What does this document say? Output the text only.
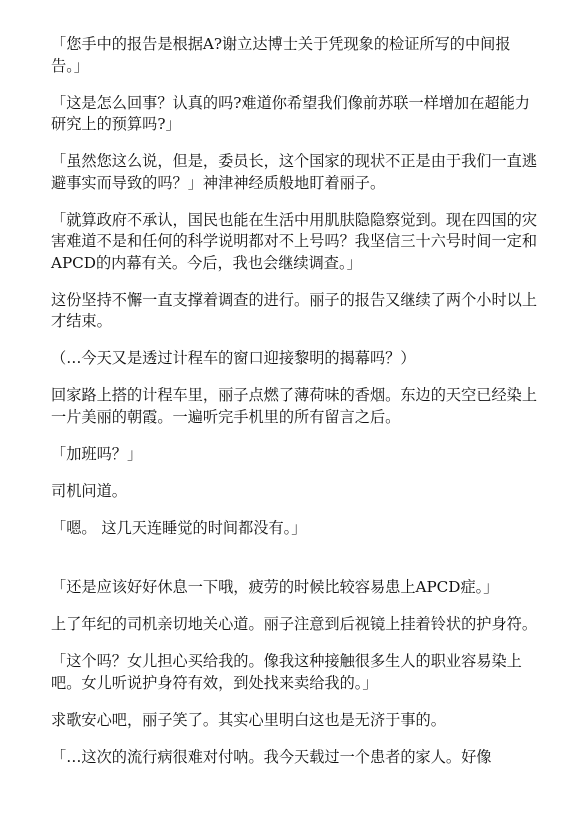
「您手中的报告是根据A?谢立达博士关于凭现象的检证所写的中间报告。」

「这是怎么回事？认真的吗?难道你希望我们像前苏联一样增加在超能力研究上的预算吗?」

「虽然您这么说，但是，委员长，这个国家的现状不正是由于我们一直逃避事实而导致的吗？」神津神经质般地盯着丽子。

「就算政府不承认，国民也能在生活中用肌肤隐隐察觉到。现在四国的灾害难道不是和任何的科学说明都对不上号吗？我坚信三十六号时间一定和APCD的内幕有关。今后，我也会继续调查。」

这份坚持不懈一直支撑着调查的进行。丽子的报告又继续了两个小时以上才结束。

（…今天又是透过计程车的窗口迎接黎明的揭幕吗？）

回家路上搭的计程车里，丽子点燃了薄荷味的香烟。东边的天空已经染上一片美丽的朝霞。一遍听完手机里的所有留言之后。

「加班吗？」

司机问道。

「嗯。 这几天连睡觉的时间都没有。」

「还是应该好好休息一下哦，疲劳的时候比较容易患上APCD症。」

上了年纪的司机亲切地关心道。丽子注意到后视镜上挂着铃状的护身符。

「这个吗？女儿担心买给我的。像我这种接触很多生人的职业容易染上吧。女儿听说护身符有效，到处找来卖给我的。」

求歌安心吧，丽子笑了。其实心里明白这也是无济于事的。

「…这次的流行病很难对付呐。我今天载过一个患者的家人。好像
